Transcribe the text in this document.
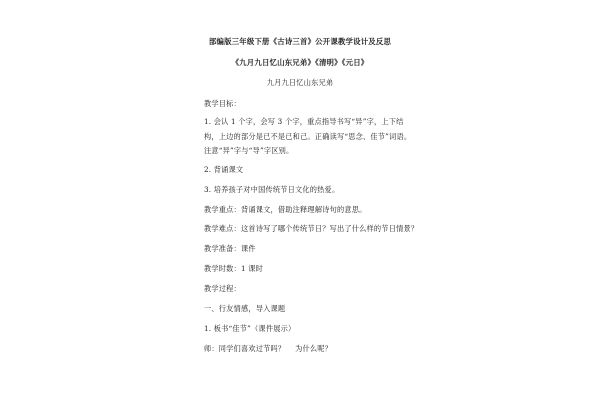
部编版三年级下册《古诗三首》公开课教学设计及反思
《九月九日忆山东兄弟》《清明》《元日》
九月九日忆山东兄弟
教学目标：
1. 会认 1 个字，会写 3 个字，重点指导书写“异”字，上下结构，上边的部分是已不是已和己。正确读写“思念、佳节”词语。注意“异”字与“导”字区别。
2. 背诵课文
3. 培养孩子对中国传统节日文化的热爱。
教学重点：背诵课文，借助注释理解诗句的意思。
教学难点：这首诗写了哪个传统节日？写出了什么样的节日情景？
教学准备：课件
教学时数：1 课时
教学过程：
一、行友情感，导入课题
1. 板书“佳节”（课件展示）
师：同学们喜欢过节吗？　 为什么呢？
